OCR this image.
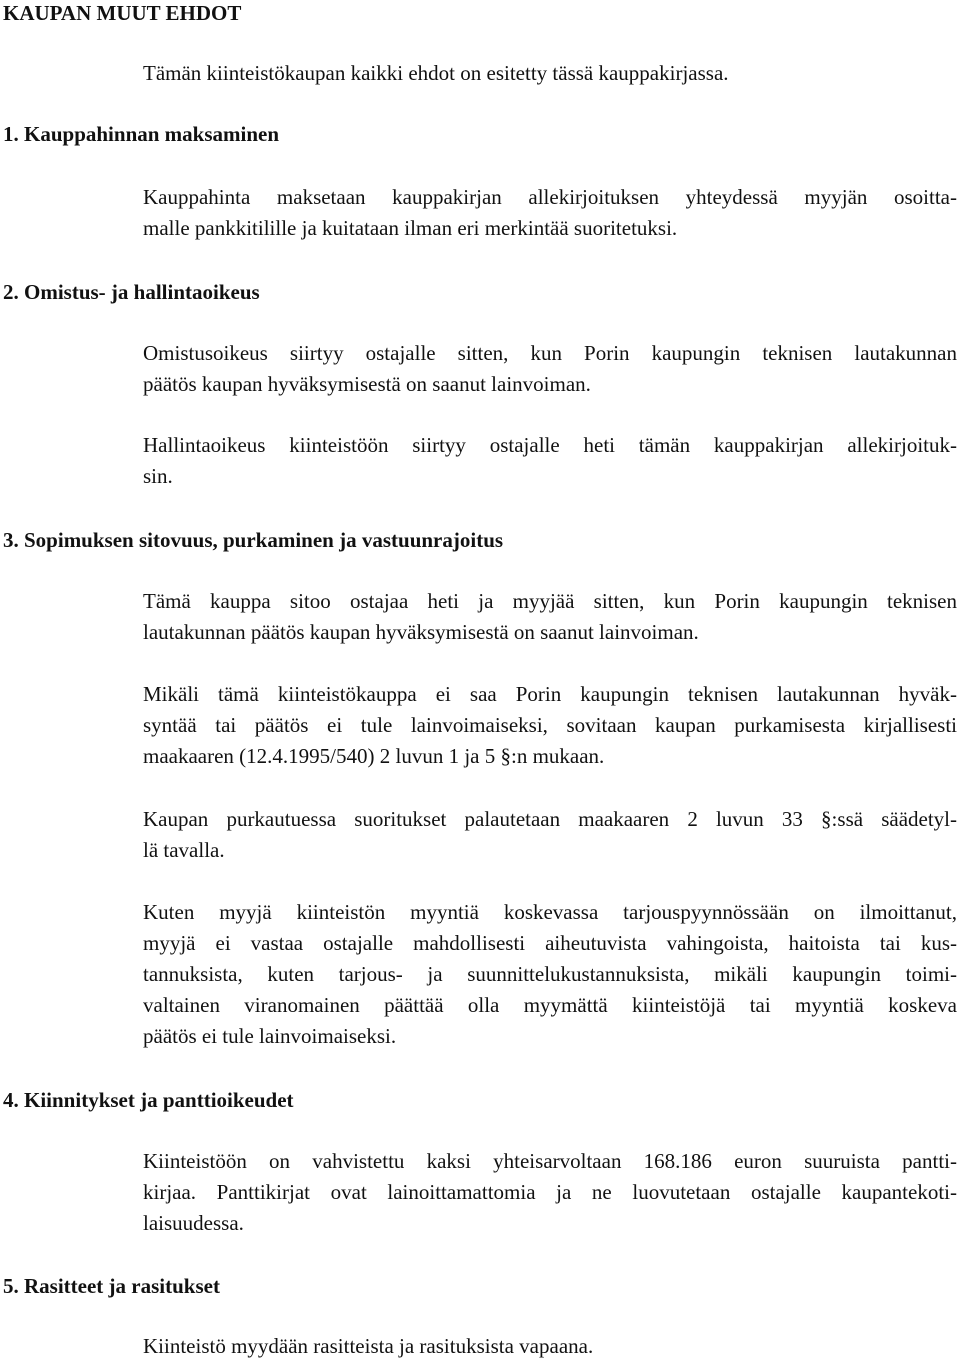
KAUPAN MUUT EHDOT

Tämän kiinteistökaupan kaikki ehdot on esitetty tässä kauppakirjassa.

1. Kauppahinnan maksaminen

Kauppahinta maksetaan kauppakirjan allekirjoituksen yhteydessä myyjän osoitta-
malle pankkitilille ja kuitataan ilman eri merkintää suoritetuksi.

2. Omistus- ja hallintaoikeus

Omistusoikeus siirtyy ostajalle sitten, kun Porin kaupungin teknisen lautakunnan
päätös kaupan hyväksymisestä on saanut lainvoiman.

Hallintaoikeus kiinteistöön siirtyy ostajalle heti tämän kauppakirjan allekirjoituk-
sin.

3. Sopimuksen sitovuus, purkaminen ja vastuunrajoitus

Tämä kauppa sitoo ostajaa heti ja myyjää sitten, kun Porin kaupungin teknisen
lautakunnan päätös kaupan hyväksymisestä on saanut lainvoiman.

Mikäli tämä kiinteistökauppa ei saa Porin kaupungin teknisen lautakunnan hyväk-
syntää tai päätös ei tule lainvoimaiseksi, sovitaan kaupan purkamisesta kirjallisesti
maakaaren (12.4.1995/540) 2 luvun 1 ja 5 §:n mukaan.

Kaupan purkautuessa suoritukset palautetaan maakaaren 2 luvun 33 §:ssä säädetyl-
lä tavalla.

Kuten myyjä kiinteistön myyntiä koskevassa tarjouspyynnössään on ilmoittanut,
myyjä ei vastaa ostajalle mahdollisesti aiheutuvista vahingoista, haitoista tai kus-
tannuksista, kuten tarjous- ja suunnittelukustannuksista, mikäli kaupungin toimi-
valtainen viranomainen päättää olla myymättä kiinteistöjä tai myyntiä koskeva
päätös ei tule lainvoimaiseksi.

4. Kiinnitykset ja panttioikeudet

Kiinteistöön on vahvistettu kaksi yhteisarvoltaan 168.186 euron suuruista pantti-
kirjaa. Panttikirjat ovat lainoittamattomia ja ne luovutetaan ostajalle kaupantekoti-
laisuudessa.

5. Rasitteet ja rasitukset

Kiinteistö myydään rasitteista ja rasituksista vapaana.
